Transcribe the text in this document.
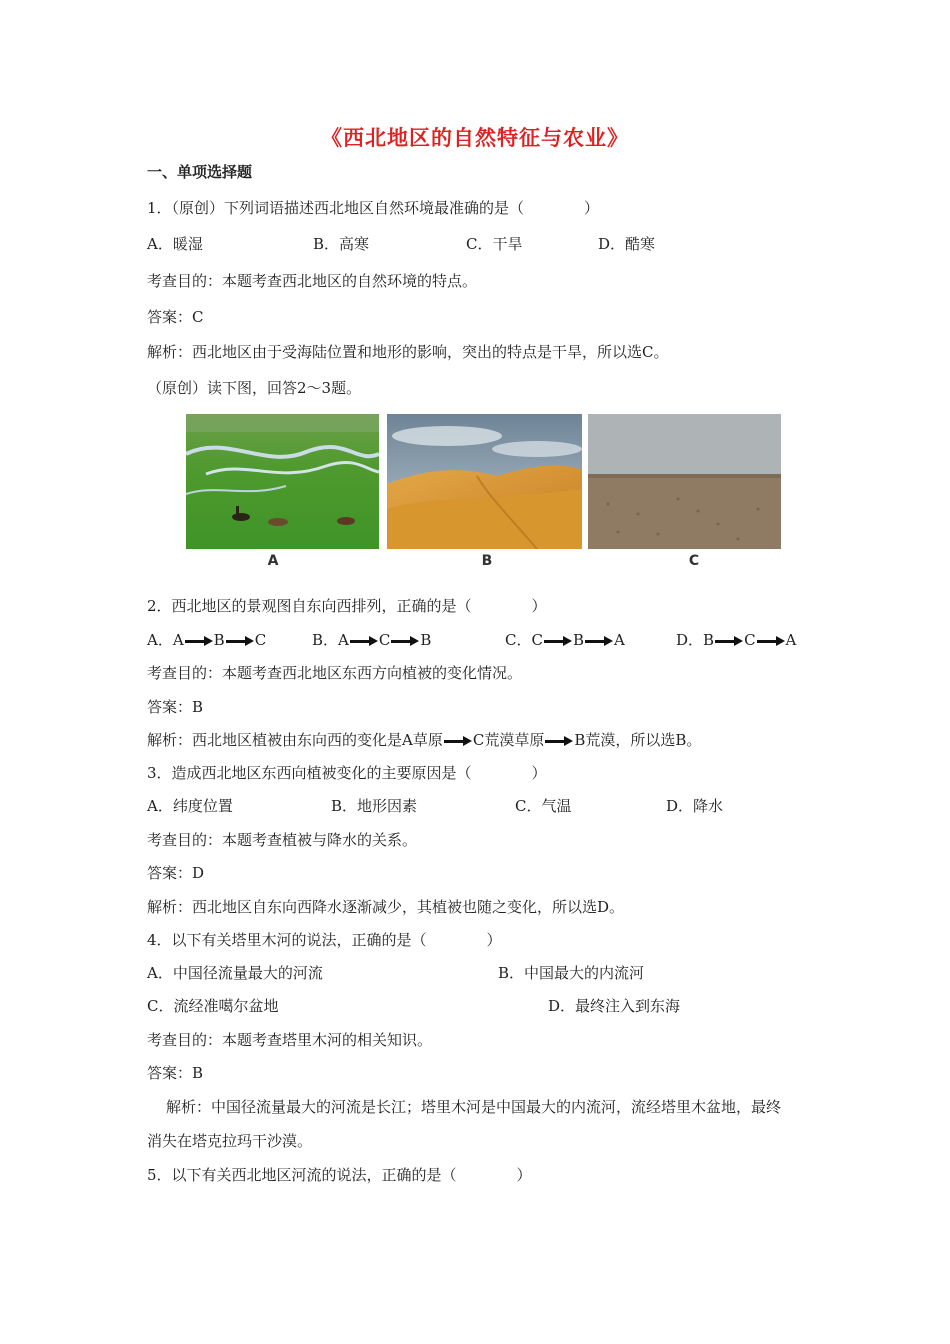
《西北地区的自然特征与农业》
一、单项选择题
1．（原创）下列词语描述西北地区自然环境最准确的是（　　　　）
A．暖湿	B．高寒	C．干旱	D．酷寒
考查目的：本题考查西北地区的自然环境的特点。
答案：C
解析：西北地区由于受海陆位置和地形的影响，突出的特点是干旱，所以选C。
（原创）读下图，回答2～3题。
A	B	C
2．西北地区的景观图自东向西排列，正确的是（　　　　）
A．A B C	B．A C B	C．C B A	D．B C A
考查目的：本题考查西北地区东西方向植被的变化情况。
答案：B
解析：西北地区植被由东向西的变化是A草原 C荒漠草原 B荒漠，所以选B。
3．造成西北地区东西向植被变化的主要原因是（　　　　）
A．纬度位置	B．地形因素	C．气温	D．降水
考查目的：本题考查植被与降水的关系。
答案：D
解析：西北地区自东向西降水逐渐减少，其植被也随之变化，所以选D。
4．以下有关塔里木河的说法，正确的是（　　　　）
A．中国径流量最大的河流	B．中国最大的内流河
C．流经准噶尔盆地	D．最终注入到东海
考查目的：本题考查塔里木河的相关知识。
答案：B
解析：中国径流量最大的河流是长江；塔里木河是中国最大的内流河，流经塔里木盆地，最终
消失在塔克拉玛干沙漠。
5．以下有关西北地区河流的说法，正确的是（　　　　）
